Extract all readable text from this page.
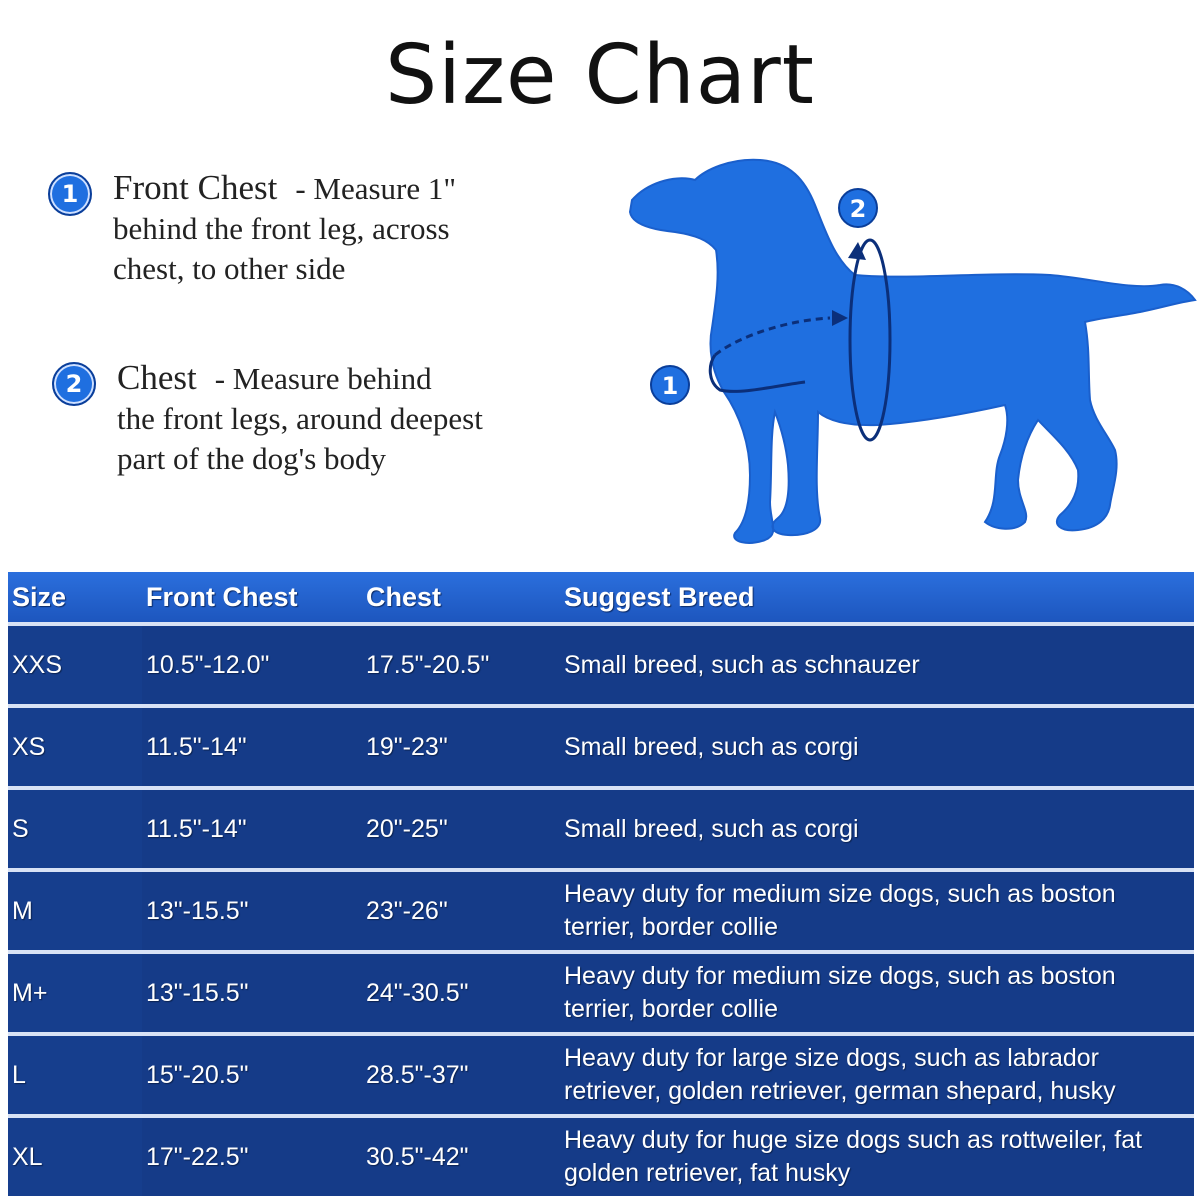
Size Chart
1 Front Chest - Measure 1"
behind the front leg, across
chest, to other side
2 Chest - Measure behind
the front legs, around deepest
part of the dog's body
2
1
Size	Front Chest	Chest	Suggest Breed
XXS	10.5"-12.0"	17.5"-20.5"	Small breed, such as schnauzer
XS	11.5"-14"	19"-23"	Small breed, such as corgi
S	11.5"-14"	20"-25"	Small breed, such as corgi
M	13"-15.5"	23"-26"	Heavy duty for medium size dogs, such as boston terrier, border collie
M+	13"-15.5"	24"-30.5"	Heavy duty for medium size dogs, such as boston terrier, border collie
L	15"-20.5"	28.5"-37"	Heavy duty for large size dogs, such as labrador retriever, golden retriever, german shepard, husky
XL	17"-22.5"	30.5"-42"	Heavy duty for huge size dogs such as rottweiler, fat golden retriever, fat husky
